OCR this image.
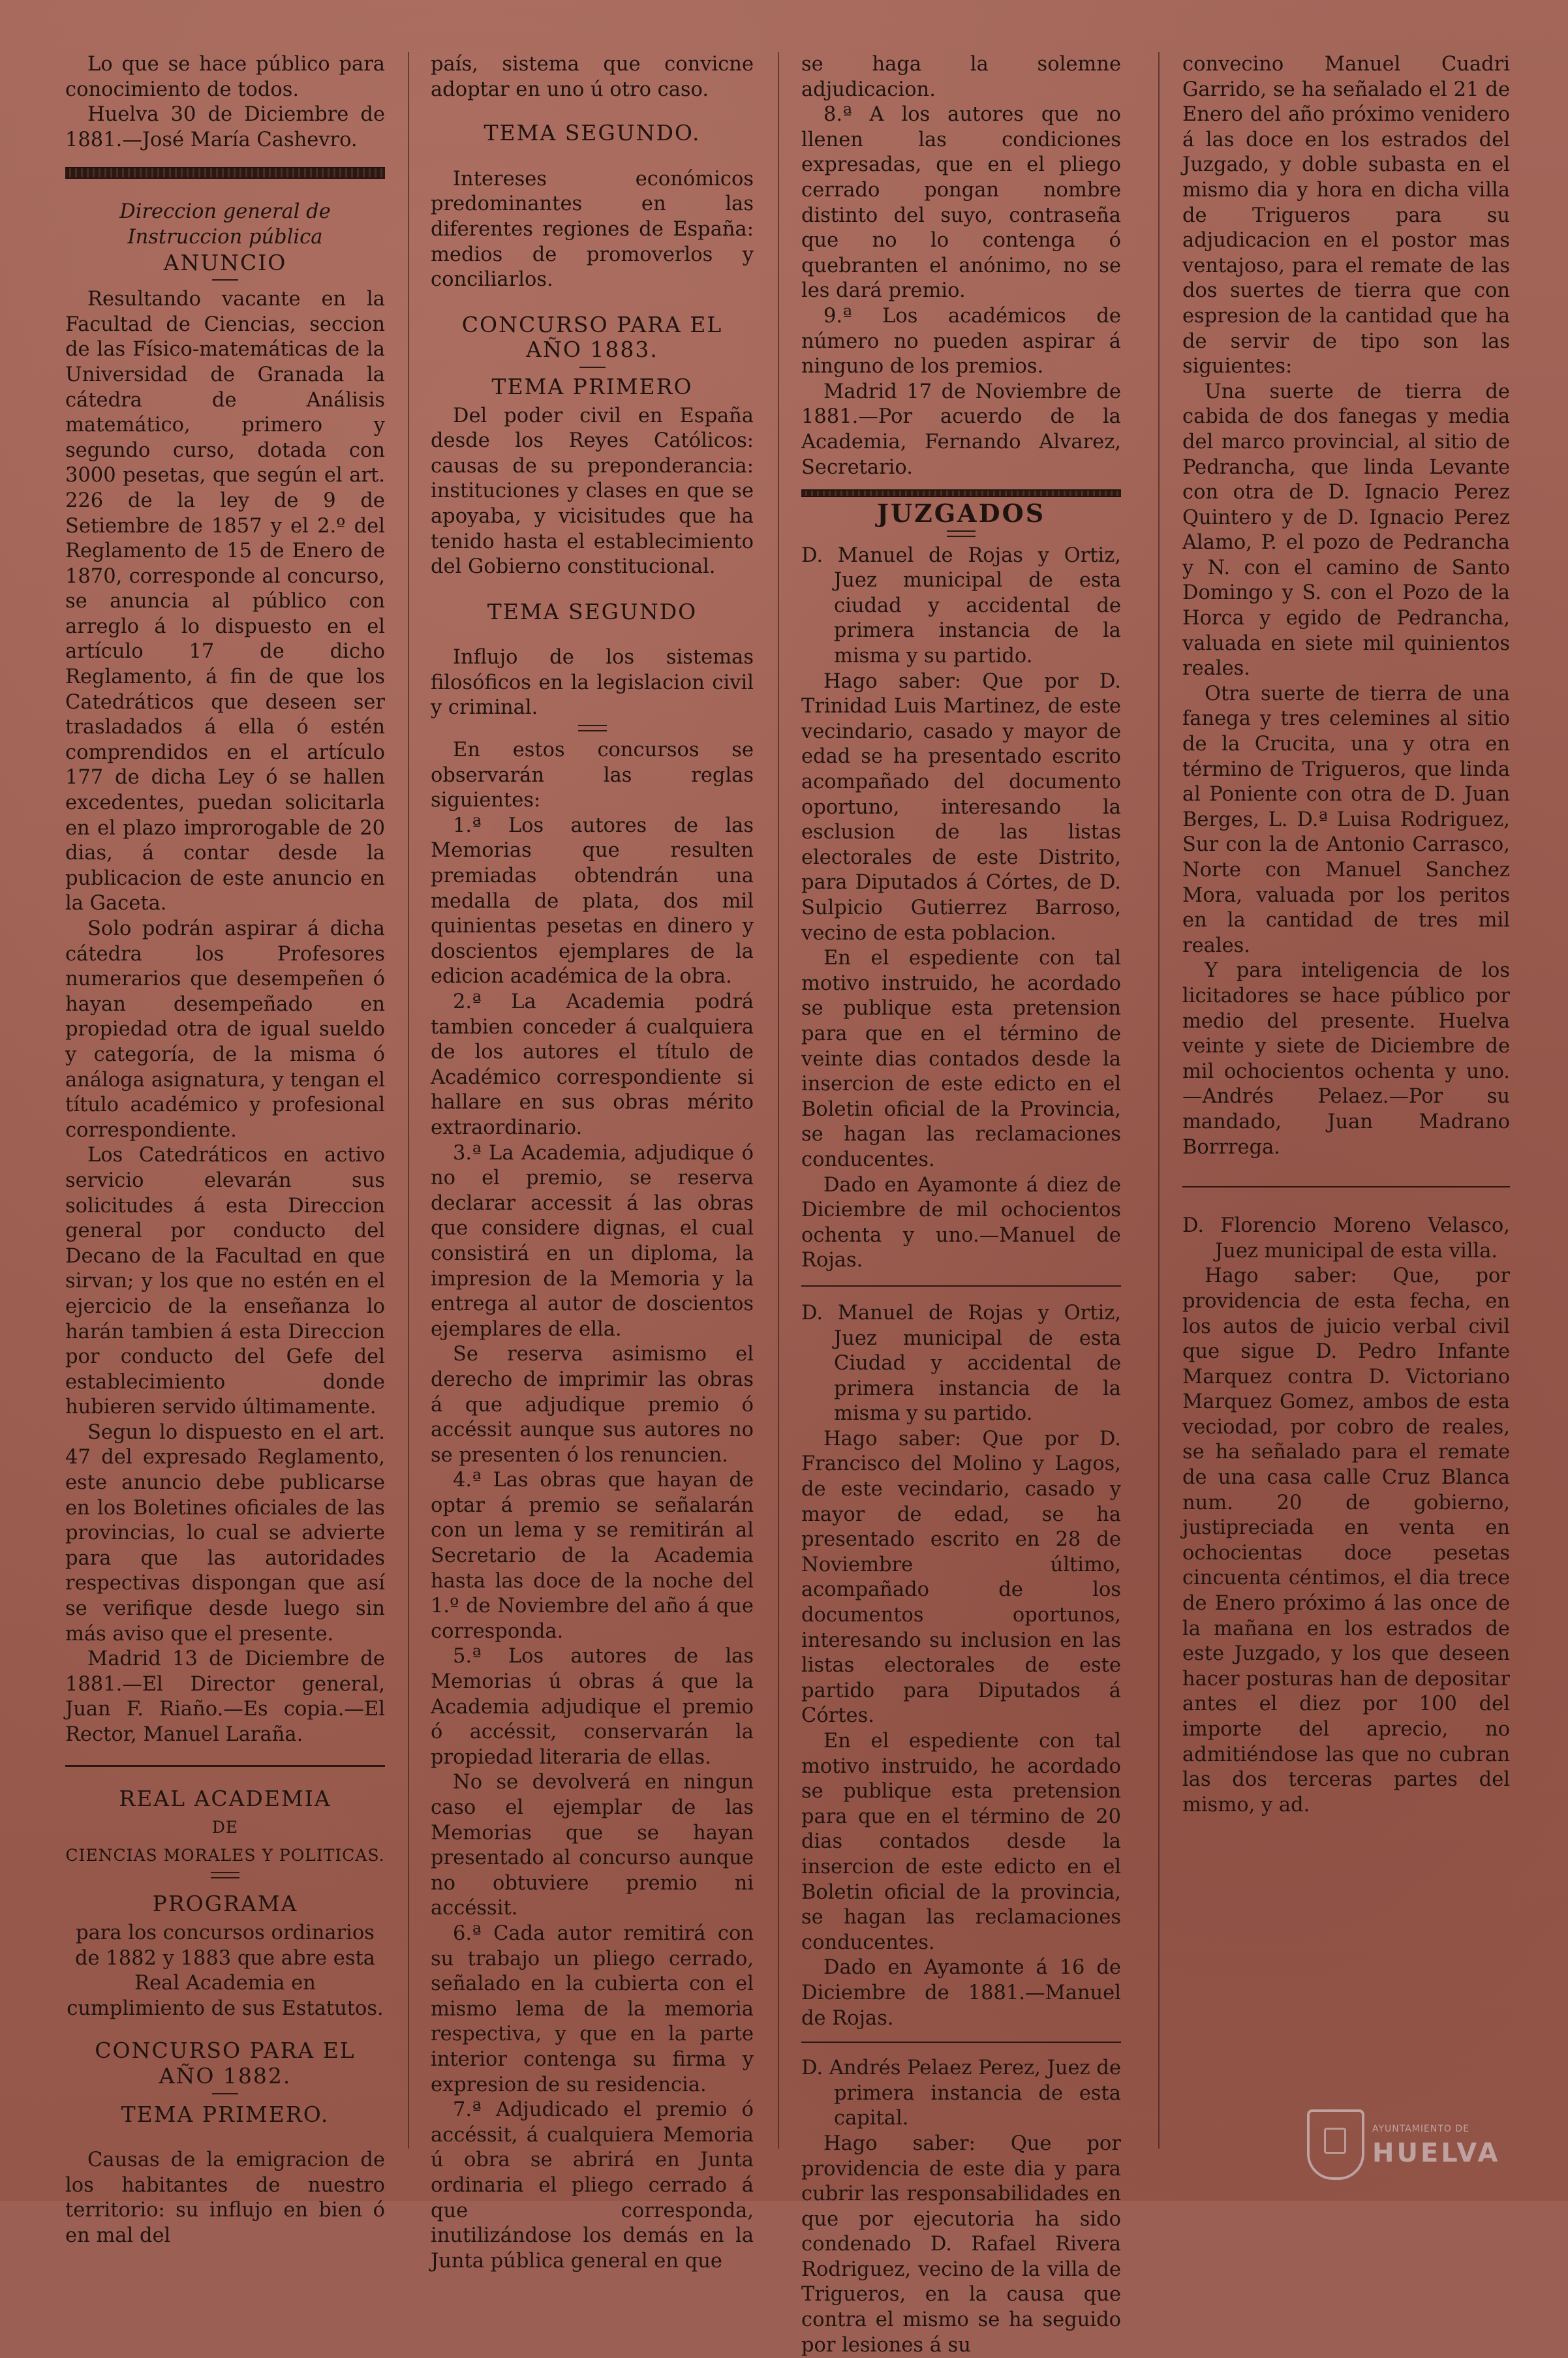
Lo que se hace público para conocimiento de todos.

Huelva 30 de Diciembre de 1881.—José María Cashevro.

Direccion general de Instruccion pública

ANUNCIO

Resultando vacante en la Facultad de Ciencias, seccion de las Físico-matemáticas de la Universidad de Granada la cátedra de Análisis matemático, primero y segundo curso, dotada con 3000 pesetas, que según el art. 226 de la ley de 9 de Setiembre de 1857 y el 2.º del Reglamento de 15 de Enero de 1870, corresponde al concurso, se anuncia al público con arreglo á lo dispuesto en el artículo 17 de dicho Reglamento, á fin de que los Catedráticos que deseen ser trasladados á ella ó estén comprendidos en el artículo 177 de dicha Ley ó se hallen excedentes, puedan solicitarla en el plazo improrogable de 20 dias, á contar desde la publicacion de este anuncio en la Gaceta.

Solo podrán aspirar á dicha cátedra los Profesores numerarios que desempeñen ó hayan desempeñado en propiedad otra de igual sueldo y categoría, de la misma ó análoga asignatura, y tengan el título académico y profesional correspondiente.

Los Catedráticos en activo servicio elevarán sus solicitudes á esta Direccion general por conducto del Decano de la Facultad en que sirvan; y los que no estén en el ejercicio de la enseñanza lo harán tambien á esta Direccion por conducto del Gefe del establecimiento donde hubieren servido últimamente.

Segun lo dispuesto en el art. 47 del expresado Reglamento, este anuncio debe publicarse en los Boletines oficiales de las provincias, lo cual se advierte para que las autoridades respectivas dispongan que así se verifique desde luego sin más aviso que el presente.

Madrid 13 de Diciembre de 1881.—El Director general, Juan F. Riaño.—Es copia.—El Rector, Manuel Laraña.

REAL ACADEMIA

DE

CIENCIAS MORALES Y POLITICAS.

PROGRAMA

para los concursos ordinarios de 1882 y 1883 que abre esta Real Academia en cumplimiento de sus Estatutos.

CONCURSO PARA EL AÑO 1882.

TEMA PRIMERO.

Causas de la emigracion de los habitantes de nuestro territorio: su influjo en bien ó en mal del

país, sistema que convicne adoptar en uno ú otro caso.

TEMA SEGUNDO.

Intereses económicos predominantes en las diferentes regiones de España: medios de promoverlos y conciliarlos.

CONCURSO PARA EL AÑO 1883.

TEMA PRIMERO

Del poder civil en España desde los Reyes Católicos: causas de su preponderancia: instituciones y clases en que se apoyaba, y vicisitudes que ha tenido hasta el establecimiento del Gobierno constitucional.

TEMA SEGUNDO

Influjo de los sistemas filosóficos en la legislacion civil y criminal.

En estos concursos se observarán las reglas siguientes:

1.ª Los autores de las Memorias que resulten premiadas obtendrán una medalla de plata, dos mil quinientas pesetas en dinero y doscientos ejemplares de la edicion académica de la obra.

2.ª La Academia podrá tambien conceder á cualquiera de los autores el título de Académico correspondiente si hallare en sus obras mérito extraordinario.

3.ª La Academia, adjudique ó no el premio, se reserva declarar accessit á las obras que considere dignas, el cual consistirá en un diploma, la impresion de la Memoria y la entrega al autor de doscientos ejemplares de ella.

Se reserva asimismo el derecho de imprimir las obras á que adjudique premio ó accéssit aunque sus autores no se presenten ó los renuncien.

4.ª Las obras que hayan de optar á premio se señalarán con un lema y se remitirán al Secretario de la Academia hasta las doce de la noche del 1.º de Noviembre del año á que corresponda.

5.ª Los autores de las Memorias ú obras á que la Academia adjudique el premio ó accéssit, conservarán la propiedad literaria de ellas.

No se devolverá en ningun caso el ejemplar de las Memorias que se hayan presentado al concurso aunque no obtuviere premio ni accéssit.

6.ª Cada autor remitirá con su trabajo un pliego cerrado, señalado en la cubierta con el mismo lema de la memoria respectiva, y que en la parte interior contenga su firma y expresion de su residencia.

7.ª Adjudicado el premio ó accéssit, á cualquiera Memoria ú obra se abrirá en Junta ordinaria el pliego cerrado á que corresponda, inutilizándose los demás en la Junta pública general en que

se haga la solemne adjudicacion.

8.ª A los autores que no llenen las condiciones expresadas, que en el pliego cerrado pongan nombre distinto del suyo, contraseña que no lo contenga ó quebranten el anónimo, no se les dará premio.

9.ª Los académicos de número no pueden aspirar á ninguno de los premios.

Madrid 17 de Noviembre de 1881.—Por acuerdo de la Academia, Fernando Alvarez, Secretario.

JUZGADOS

D. Manuel de Rojas y Ortiz, Juez municipal de esta ciudad y accidental de primera instancia de la misma y su partido.

Hago saber: Que por D. Trinidad Luis Martinez, de este vecindario, casado y mayor de edad se ha presentado escrito acompañado del documento oportuno, interesando la esclusion de las listas electorales de este Distrito, para Diputados á Córtes, de D. Sulpicio Gutierrez Barroso, vecino de esta poblacion.

En el espediente con tal motivo instruido, he acordado se publique esta pretension para que en el término de veinte dias contados desde la insercion de este edicto en el Boletin oficial de la Provincia, se hagan las reclamaciones conducentes.

Dado en Ayamonte á diez de Diciembre de mil ochocientos ochenta y uno.—Manuel de Rojas.

D. Manuel de Rojas y Ortiz, Juez municipal de esta Ciudad y accidental de primera instancia de la misma y su partido.

Hago saber: Que por D. Francisco del Molino y Lagos, de este vecindario, casado y mayor de edad, se ha presentado escrito en 28 de Noviembre último, acompañado de los documentos oportunos, interesando su inclusion en las listas electorales de este partido para Diputados á Córtes.

En el espediente con tal motivo instruido, he acordado se publique esta pretension para que en el término de 20 dias contados desde la insercion de este edicto en el Boletin oficial de la provincia, se hagan las reclamaciones conducentes.

Dado en Ayamonte á 16 de Diciembre de 1881.—Manuel de Rojas.

D. Andrés Pelaez Perez, Juez de primera instancia de esta capital.

Hago saber: Que por providencia de este dia y para cubrir las responsabilidades en que por ejecutoria ha sido condenado D. Rafael Rivera Rodriguez, vecino de la villa de Trigueros, en la causa que contra el mismo se ha seguido por lesiones á su

convecino Manuel Cuadri Garrido, se ha señalado el 21 de Enero del año próximo venidero á las doce en los estrados del Juzgado, y doble subasta en el mismo dia y hora en dicha villa de Trigueros para su adjudicacion en el postor mas ventajoso, para el remate de las dos suertes de tierra que con espresion de la cantidad que ha de servir de tipo son las siguientes:

Una suerte de tierra de cabida de dos fanegas y media del marco provincial, al sitio de Pedrancha, que linda Levante con otra de D. Ignacio Perez Quintero y de D. Ignacio Perez Alamo, P. el pozo de Pedrancha y N. con el camino de Santo Domingo y S. con el Pozo de la Horca y egido de Pedrancha, valuada en siete mil quinientos reales.

Otra suerte de tierra de una fanega y tres celemines al sitio de la Crucita, una y otra en término de Trigueros, que linda al Poniente con otra de D. Juan Berges, L. D.ª Luisa Rodriguez, Sur con la de Antonio Carrasco, Norte con Manuel Sanchez Mora, valuada por los peritos en la cantidad de tres mil reales.

Y para inteligencia de los licitadores se hace público por medio del presente. Huelva veinte y siete de Diciembre de mil ochocientos ochenta y uno.—Andrés Pelaez.—Por su mandado, Juan Madrano Borrrega.

D. Florencio Moreno Velasco, Juez municipal de esta villa.

Hago saber: Que, por providencia de esta fecha, en los autos de juicio verbal civil que sigue D. Pedro Infante Marquez contra D. Victoriano Marquez Gomez, ambos de esta veciodad, por cobro de reales, se ha señalado para el remate de una casa calle Cruz Blanca num. 20 de gobierno, justipreciada en venta en ochocientas doce pesetas cincuenta céntimos, el dia trece de Enero próximo á las once de la mañana en los estrados de este Juzgado, y los que deseen hacer posturas han de depositar antes el diez por 100 del importe del aprecio, no admitiéndose las que no cubran las dos terceras partes del mismo, y ad.

AYUNTAMIENTO DE
HUELVA
